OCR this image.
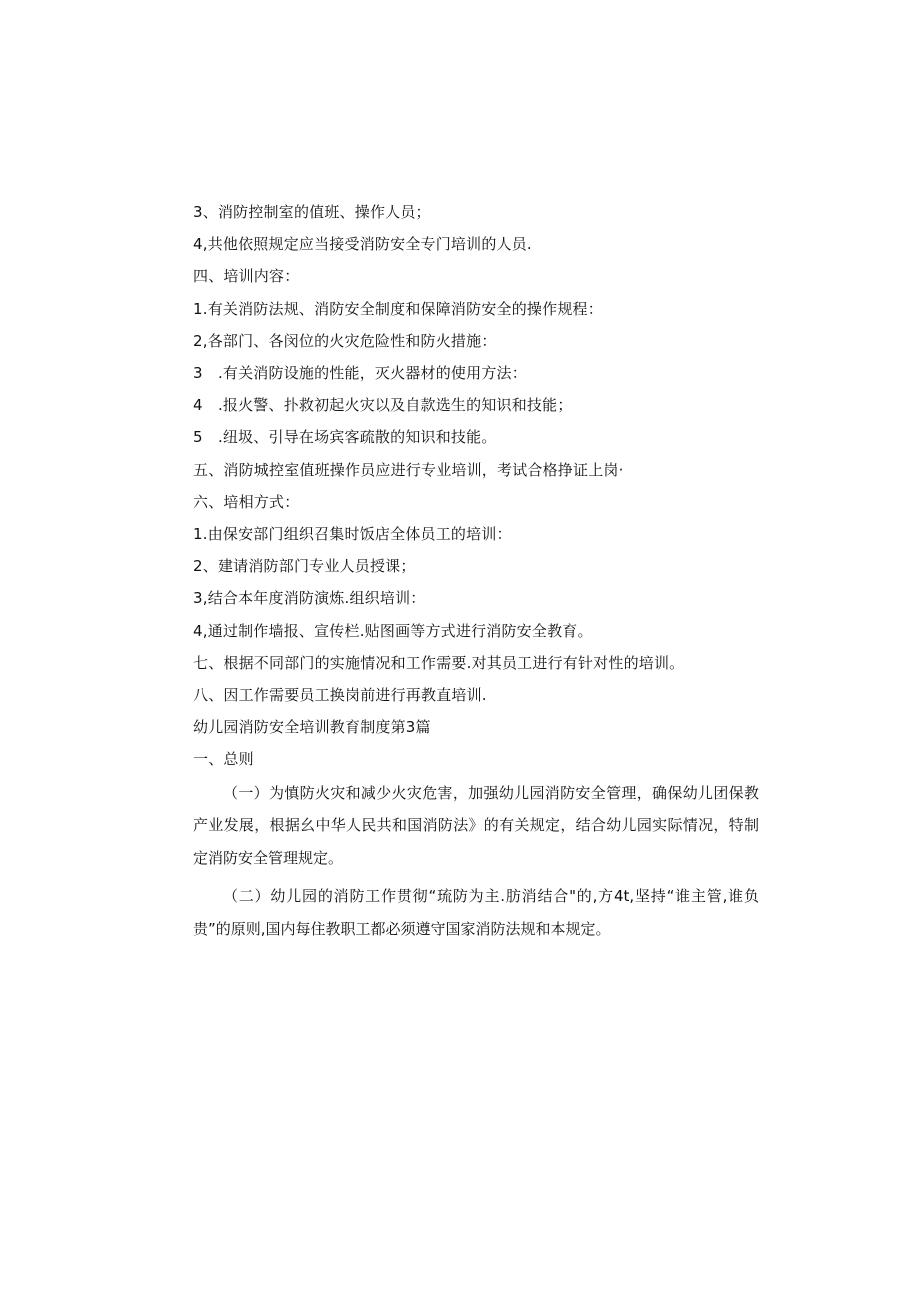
3、消防控制室的值班、操作人员；
4,共他依照规定应当接受消防安全专门培训的人员.
四、培训内容：
1.有关消防法规、消防安全制度和保障消防安全的操作规程：
2,各部门、各闵位的火灾危险性和防火措施：
3　.有关消防设施的性能，灭火器材的使用方法：
4　.报火警、扑救初起火灾以及自款选生的知识和技能；
5　.纽圾、引导在场宾客疏散的知识和技能。
五、消防城控室值班操作员应进行专业培训，考试合格挣证上岗·
六、培相方式：
1.由保安部门组织召集时饭店全体员工的培训：
2、建请消防部门专业人员授课；
3,结合本年度消防演炼.组织培训：
4,通过制作墙报、宣传栏.贴图画等方式进行消防安全教育。
七、根据不同部门的实施情况和工作需要.对其员工进行有针对性的培训。
八、因工作需要员工换岗前进行再教直培训.
幼儿园消防安全培训教育制度第3篇
一、总则
（一）为慎防火灾和减少火灾危害，加强幼儿园消防安全管理，确保幼儿团保教产业发展，根据幺中华人民共和国消防法》的有关规定，结合幼儿园实际情况，特制定消防安全管理规定。
（二）幼儿园的消防工作贯彻“琉防为主.肪消结合"的,方4t,坚持“谁主管,谁负贵”的原则,国内每住教职工都必须遵守国家消防法规和本规定。
